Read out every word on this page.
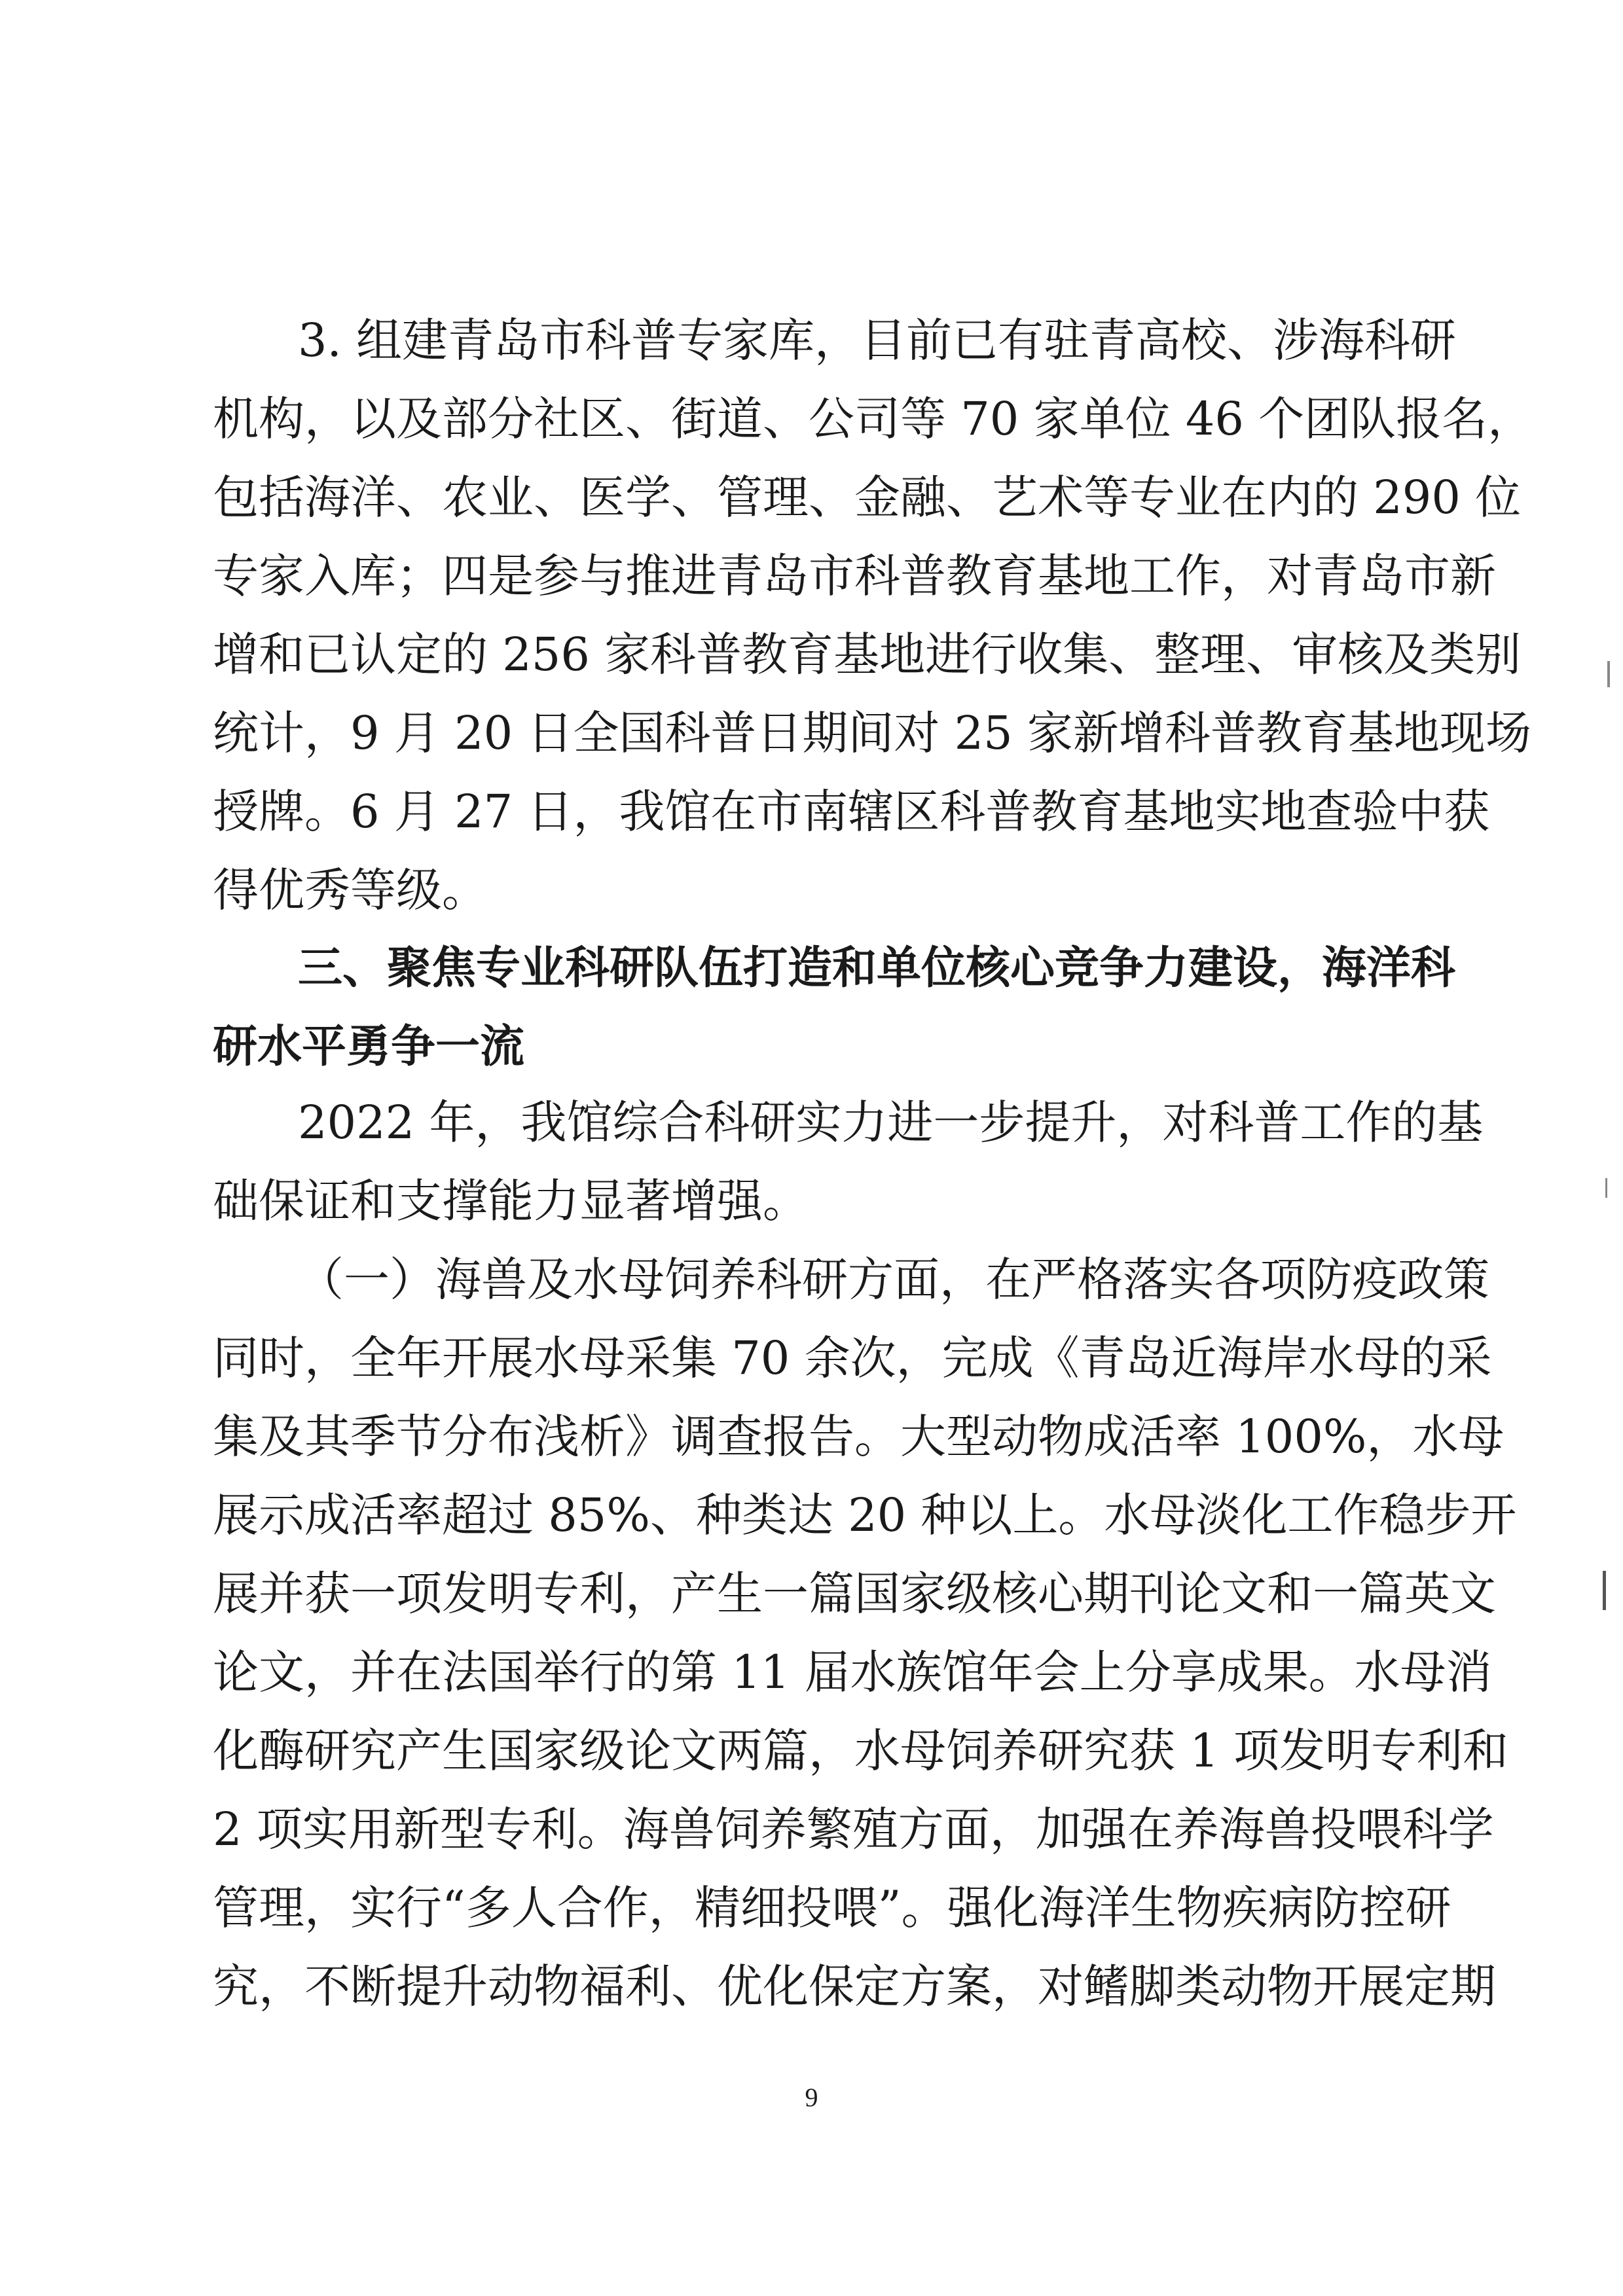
3. 组建青岛市科普专家库，目前已有驻青高校、涉海科研
机构，以及部分社区、街道、公司等 70 家单位 46 个团队报名，
包括海洋、农业、医学、管理、金融、艺术等专业在内的 290 位
专家入库；四是参与推进青岛市科普教育基地工作，对青岛市新
增和已认定的 256 家科普教育基地进行收集、整理、审核及类别
统计，9 月 20 日全国科普日期间对 25 家新增科普教育基地现场
授牌。6 月 27 日，我馆在市南辖区科普教育基地实地查验中获
得优秀等级。
三、聚焦专业科研队伍打造和单位核心竞争力建设，海洋科
研水平勇争一流
2022 年，我馆综合科研实力进一步提升，对科普工作的基
础保证和支撑能力显著增强。
（一）海兽及水母饲养科研方面，在严格落实各项防疫政策
同时，全年开展水母采集 70 余次，完成《青岛近海岸水母的采
集及其季节分布浅析》调查报告。大型动物成活率 100%，水母
展示成活率超过 85%、种类达 20 种以上。水母淡化工作稳步开
展并获一项发明专利，产生一篇国家级核心期刊论文和一篇英文
论文，并在法国举行的第 11 届水族馆年会上分享成果。水母消
化酶研究产生国家级论文两篇，水母饲养研究获 1 项发明专利和
2 项实用新型专利。海兽饲养繁殖方面，加强在养海兽投喂科学
管理，实行“多人合作，精细投喂”。强化海洋生物疾病防控研
究，不断提升动物福利、优化保定方案，对鳍脚类动物开展定期
9
